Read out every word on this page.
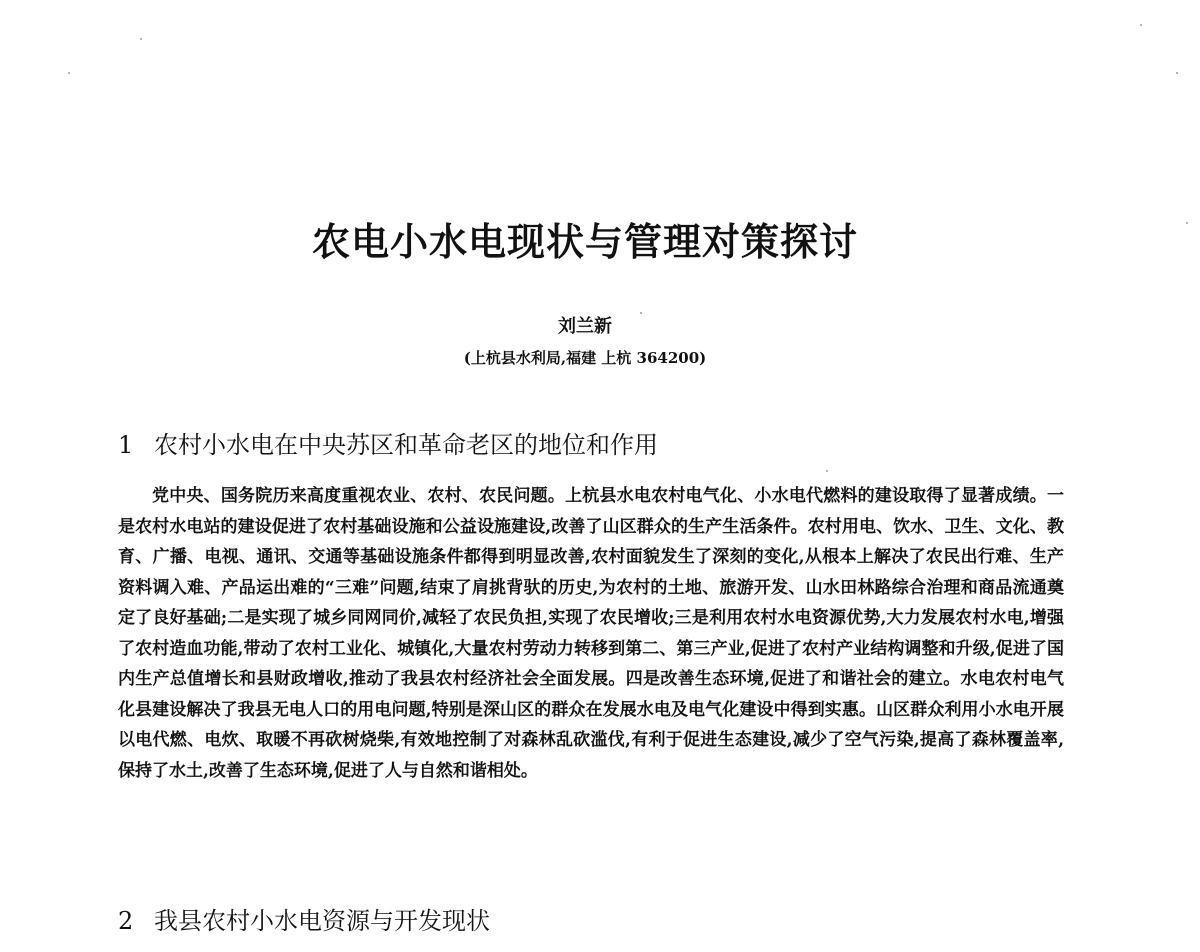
农电小水电现状与管理对策探讨
刘兰新
(上杭县水利局,福建 上杭 364200)
1 农村小水电在中央苏区和革命老区的地位和作用

党中央、国务院历来高度重视农业、农村、农民问题。上杭县水电农村电气化、小水电代燃料的建设取得了显著成绩。一是农村水电站的建设促进了农村基础设施和公益设施建设,改善了山区群众的生产生活条件。农村用电、饮水、卫生、文化、教育、广播、电视、通讯、交通等基础设施条件都得到明显改善,农村面貌发生了深刻的变化,从根本上解决了农民出行难、生产资料调入难、产品运出难的“三难”问题,结束了肩挑背驮的历史,为农村的土地、旅游开发、山水田林路综合治理和商品流通奠定了良好基础;二是实现了城乡同网同价,减轻了农民负担,实现了农民增收;三是利用农村水电资源优势,大力发展农村水电,增强了农村造血功能,带动了农村工业化、城镇化,大量农村劳动力转移到第二、第三产业,促进了农村产业结构调整和升级,促进了国内生产总值增长和县财政增收,推动了我县农村经济社会全面发展。四是改善生态环境,促进了和谐社会的建立。水电农村电气化县建设解决了我县无电人口的用电问题,特别是深山区的群众在发展水电及电气化建设中得到实惠。山区群众利用小水电开展以电代燃、电炊、取暖不再砍树烧柴,有效地控制了对森林乱砍滥伐,有利于促进生态建设,减少了空气污染,提高了森林覆盖率,保持了水土,改善了生态环境,促进了人与自然和谐相处。

2 我县农村小水电资源与开发现状
